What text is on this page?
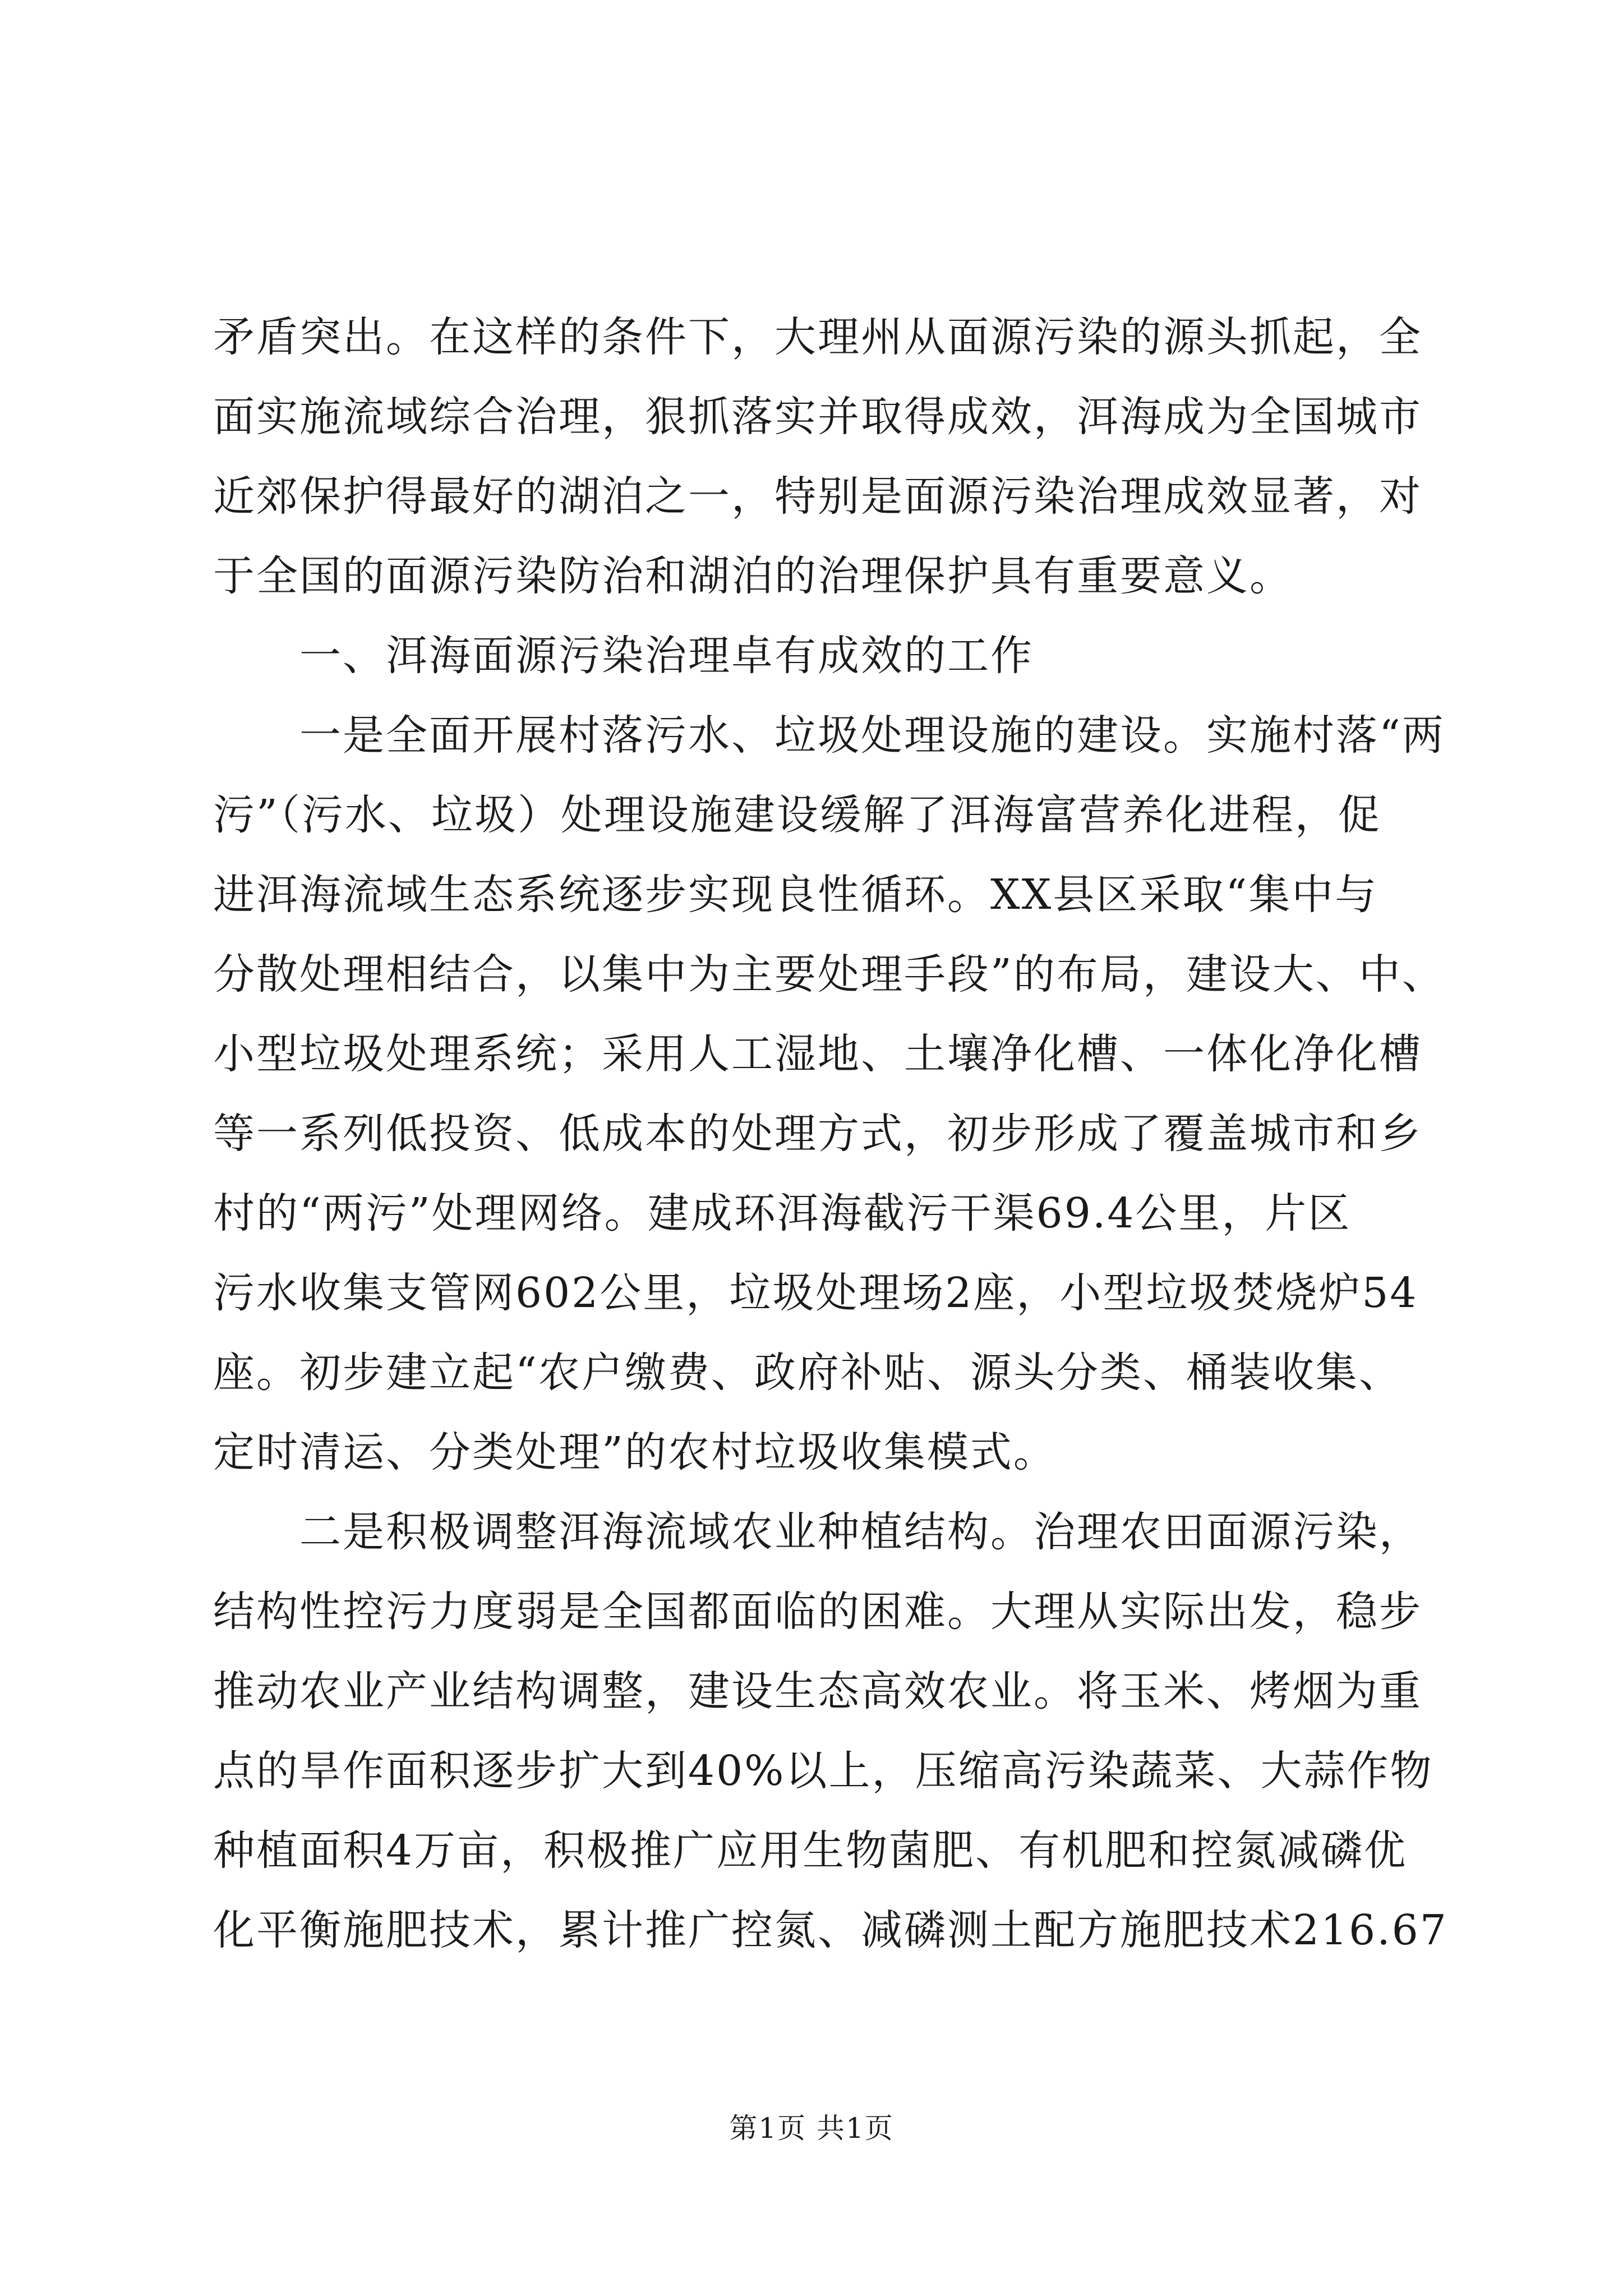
矛盾突出。在这样的条件下，大理州从面源污染的源头抓起，全
面实施流域综合治理，狠抓落实并取得成效，洱海成为全国城市
近郊保护得最好的湖泊之一，特别是面源污染治理成效显著，对
于全国的面源污染防治和湖泊的治理保护具有重要意义。
　　一、洱海面源污染治理卓有成效的工作
　　一是全面开展村落污水、垃圾处理设施的建设。实施村落“两
污”（污水、垃圾）处理设施建设缓解了洱海富营养化进程，促
进洱海流域生态系统逐步实现良性循环。XX县区采取“集中与
分散处理相结合，以集中为主要处理手段”的布局，建设大、中、
小型垃圾处理系统；采用人工湿地、土壤净化槽、一体化净化槽
等一系列低投资、低成本的处理方式，初步形成了覆盖城市和乡
村的“两污”处理网络。建成环洱海截污干渠69.4公里，片区
污水收集支管网602公里，垃圾处理场2座，小型垃圾焚烧炉54
座。初步建立起“农户缴费、政府补贴、源头分类、桶装收集、
定时清运、分类处理”的农村垃圾收集模式。
　　二是积极调整洱海流域农业种植结构。治理农田面源污染，
结构性控污力度弱是全国都面临的困难。大理从实际出发，稳步
推动农业产业结构调整，建设生态高效农业。将玉米、烤烟为重
点的旱作面积逐步扩大到40%以上，压缩高污染蔬菜、大蒜作物
种植面积4万亩，积极推广应用生物菌肥、有机肥和控氮减磷优
化平衡施肥技术，累计推广控氮、减磷测土配方施肥技术216.67
第1页 共1页
